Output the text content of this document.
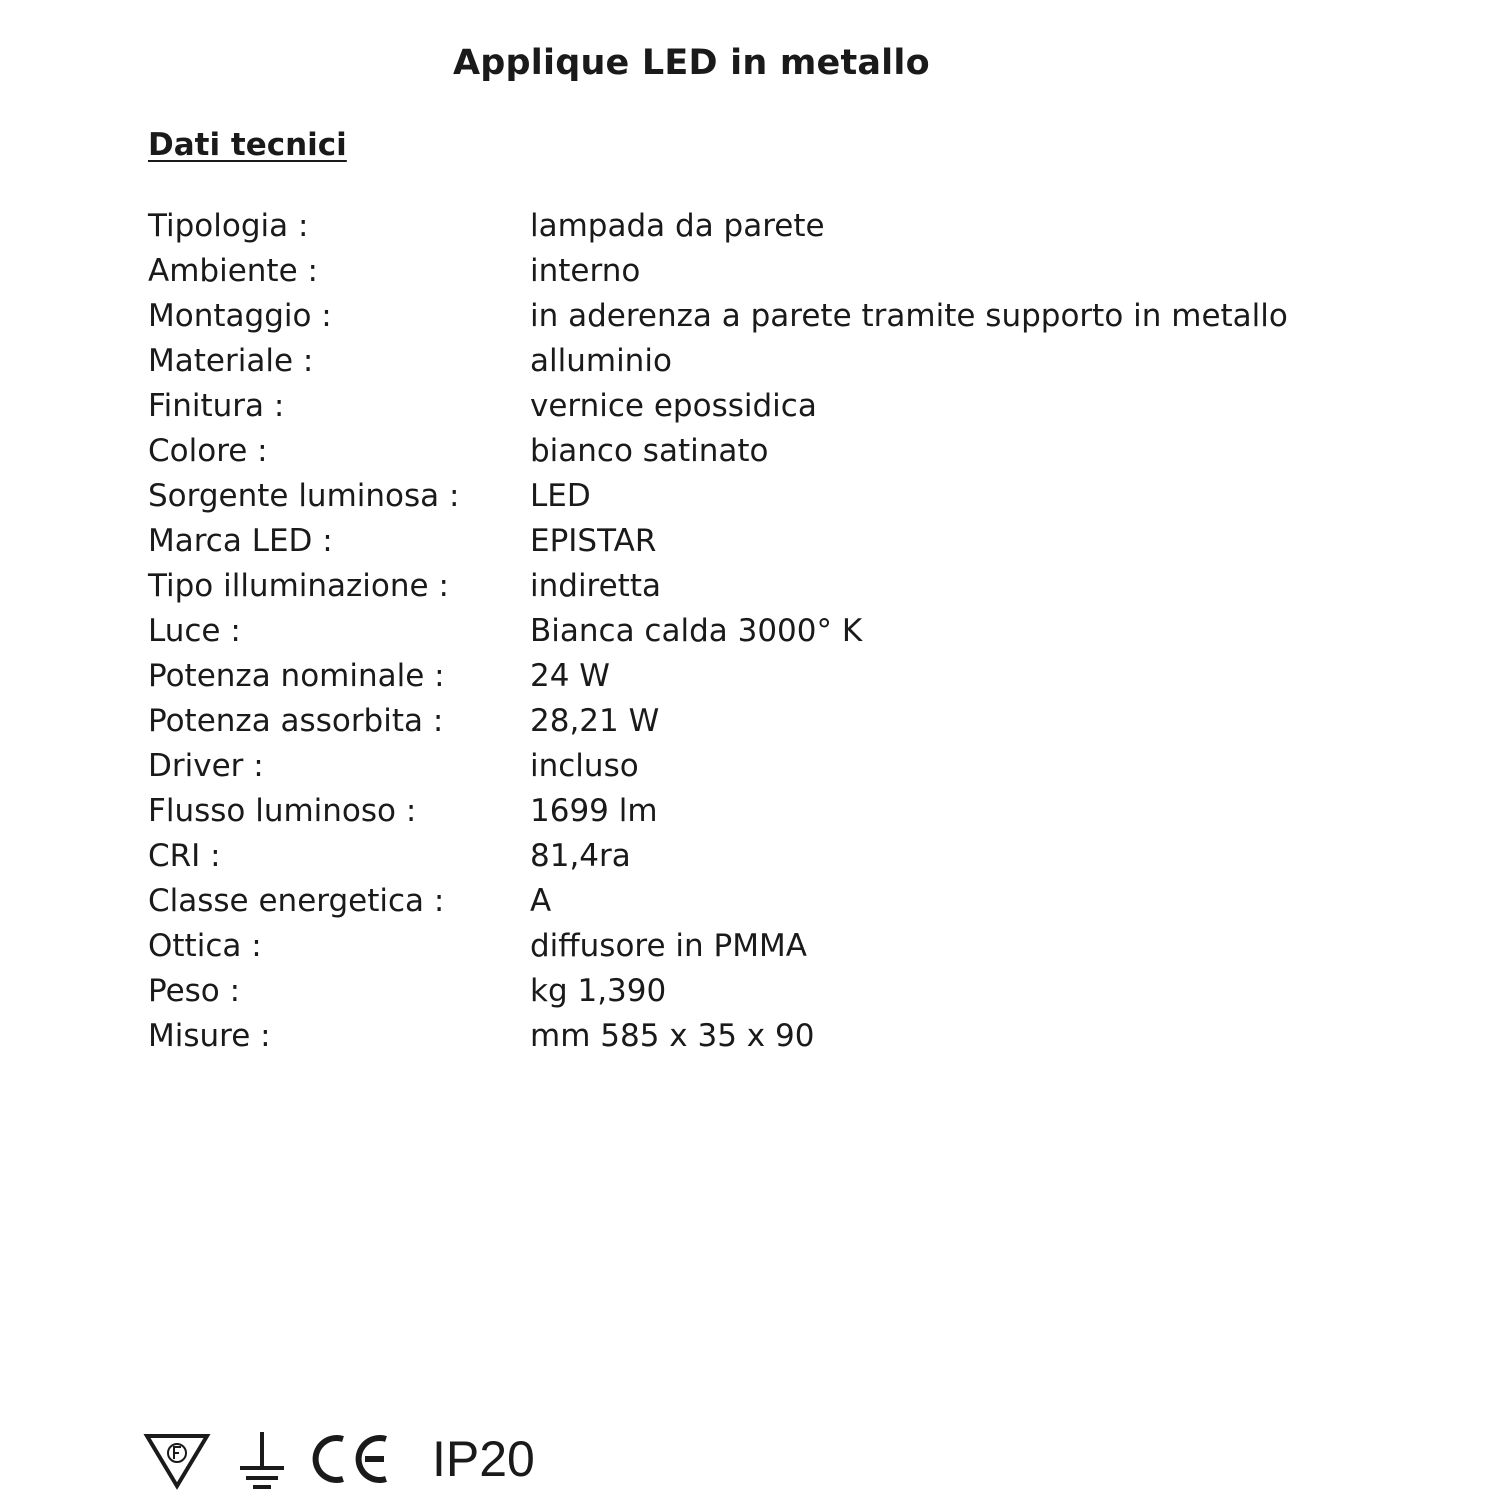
Applique LED in metallo
Dati tecnici
Tipologia :	lampada da parete
Ambiente :	interno
Montaggio :	in aderenza a parete tramite supporto in metallo
Materiale :	alluminio
Finitura :	vernice epossidica
Colore :	bianco satinato
Sorgente luminosa :	LED
Marca LED :	EPISTAR
Tipo illuminazione :	indiretta
Luce :	Bianca calda 3000° K
Potenza nominale :	24 W
Potenza assorbita :	28,21 W
Driver :	incluso
Flusso luminoso :	1699 lm
CRI :	81,4ra
Classe energetica :	A
Ottica :	diffusore in PMMA
Peso :	kg 1,390
Misure :	mm 585 x 35 x 90
IP20
